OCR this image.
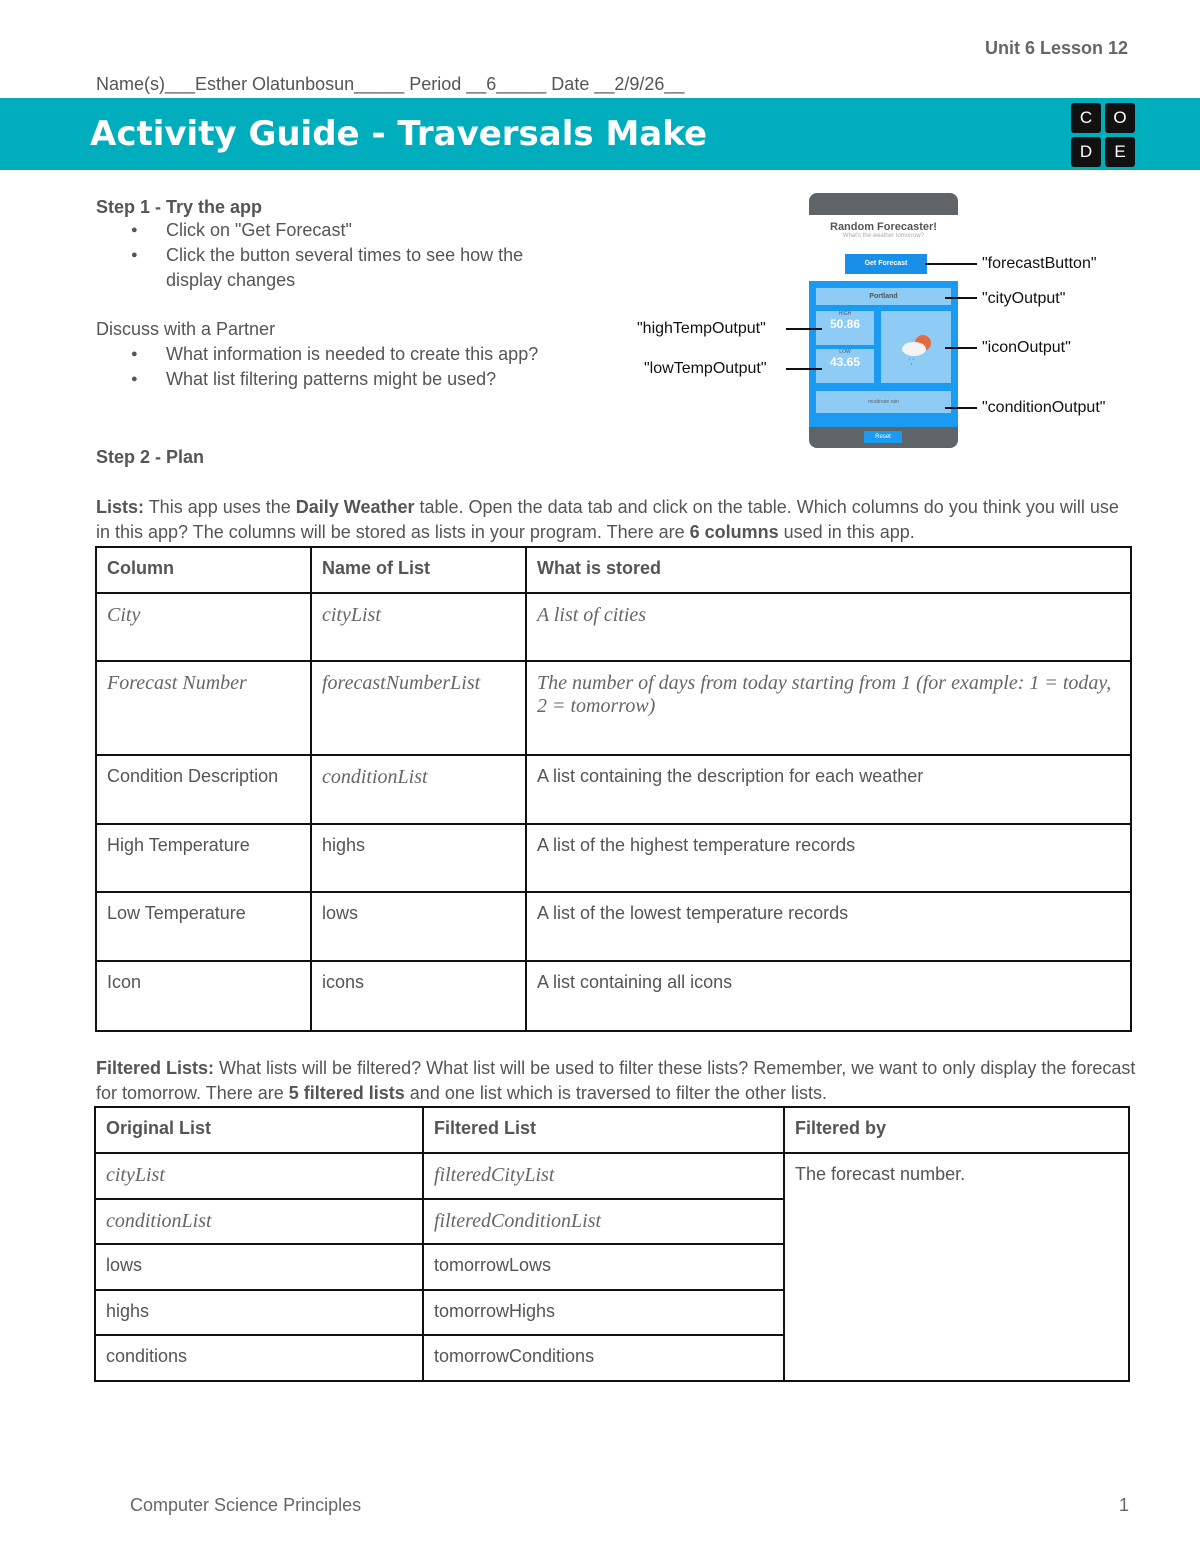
Unit 6 Lesson 12
Name(s)___Esther Olatunbosun_____ Period __6_____ Date __2/9/26__
Activity Guide - Traversals Make	C	O
D	E
Step 1 - Try the app
● Click on "Get Forecast"
● Click the button several times to see how the display changes
Discuss with a Partner
● What information is needed to create this app?
● What list filtering patterns might be used?
Random Forecaster!
What's the weather tomorrow?
Get Forecast
Portland
HIGH
50.86
LOW
43.65	ʼ,ʼ
moderate rain
Reset
"forecastButton"
"cityOutput"
"iconOutput"
"conditionOutput"
"highTempOutput"
"lowTempOutput"
Step 2 - Plan
Lists: This app uses the Daily Weather table. Open the data tab and click on the table. Which columns do you think you will use in this app? The columns will be stored as lists in your program. There are 6 columns used in this app.
Column	Name of List	What is stored
City	cityList	A list of cities
Forecast Number	forecastNumberList	The number of days from today starting from 1 (for example: 1 = today, 2 = tomorrow)
Condition Description	conditionList	A list containing the description for each weather
High Temperature	highs	A list of the highest temperature records
Low Temperature	lows	A list of the lowest temperature records
Icon	icons	A list containing all icons
Filtered Lists: What lists will be filtered? What list will be used to filter these lists? Remember, we want to only display the forecast for tomorrow. There are 5 filtered lists and one list which is traversed to filter the other lists.
Original List	Filtered List	Filtered by
cityList	filteredCityList	The forecast number.
conditionList	filteredConditionList	
lows	tomorrowLows	
highs	tomorrowHighs	
conditions	tomorrowConditions	
Computer Science Principles	1
